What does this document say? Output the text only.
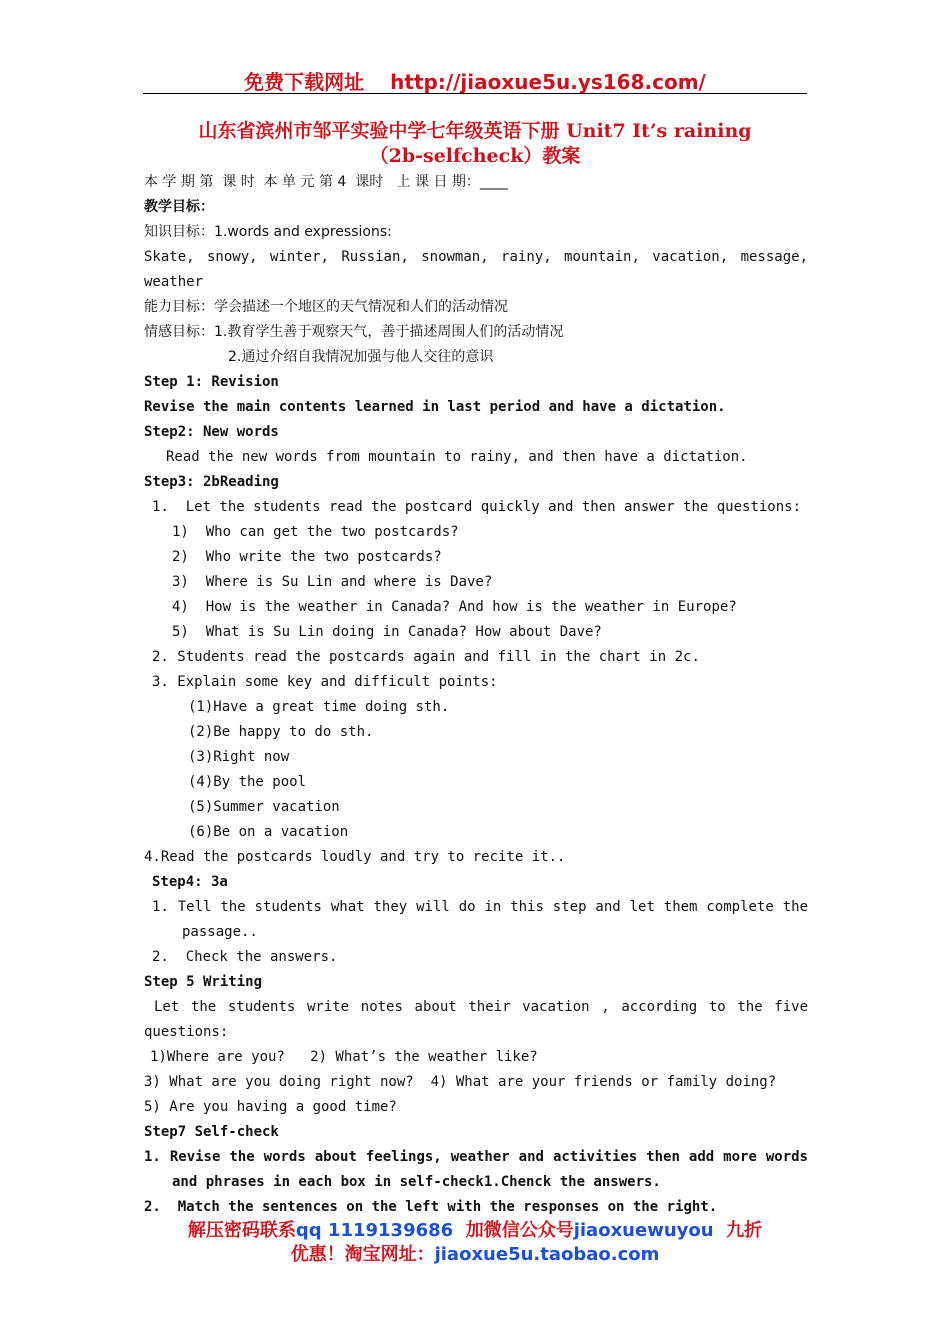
免费下载网址 http://jiaoxue5u.ys168.com/
山东省滨州市邹平实验中学七年级英语下册 Unit7 It’s raining
（2b-selfcheck）教案
本 学 期 第  课 时  本 单 元 第 4  课时   上 课 日 期：____
教学目标：
知识目标：1.words and expressions:
Skate, snowy, winter, Russian, snowman, rainy, mountain, vacation, message,
weather
能力目标：学会描述一个地区的天气情况和人们的活动情况
情感目标：1.教育学生善于观察天气，善于描述周围人们的活动情况
2.通过介绍自我情况加强与他人交往的意识
Step 1: Revision
Revise the main contents learned in last period and have a dictation.
Step2: New words
Read the new words from mountain to rainy, and then have a dictation.
Step3: 2bReading
1.  Let the students read the postcard quickly and then answer the questions:
1)  Who can get the two postcards?
2)  Who write the two postcards?
3)  Where is Su Lin and where is Dave?
4)  How is the weather in Canada? And how is the weather in Europe?
5)  What is Su Lin doing in Canada? How about Dave?
2. Students read the postcards again and fill in the chart in 2c.
3. Explain some key and difficult points:
(1)Have a great time doing sth.
(2)Be happy to do sth.
(3)Right now
(4)By the pool
(5)Summer vacation
(6)Be on a vacation
4.Read the postcards loudly and try to recite it..
Step4: 3a
1. Tell the students what they will do in this step and let them complete the
passage..
2.  Check the answers.
Step 5 Writing
Let the students write notes about their vacation , according to the five
questions:
1)Where are you?   2) What’s the weather like?
3) What are you doing right now?  4) What are your friends or family doing?
5) Are you having a good time?
Step7 Self-check
1. Revise the words about feelings, weather and activities then add more words
and phrases in each box in self-check1.Chenck the answers.
2.  Match the sentences on the left with the responses on the right.
解压密码联系qq 1119139686 加微信公众号jiaoxuewuyou 九折
优惠！淘宝网址：jiaoxue5u.taobao.com
